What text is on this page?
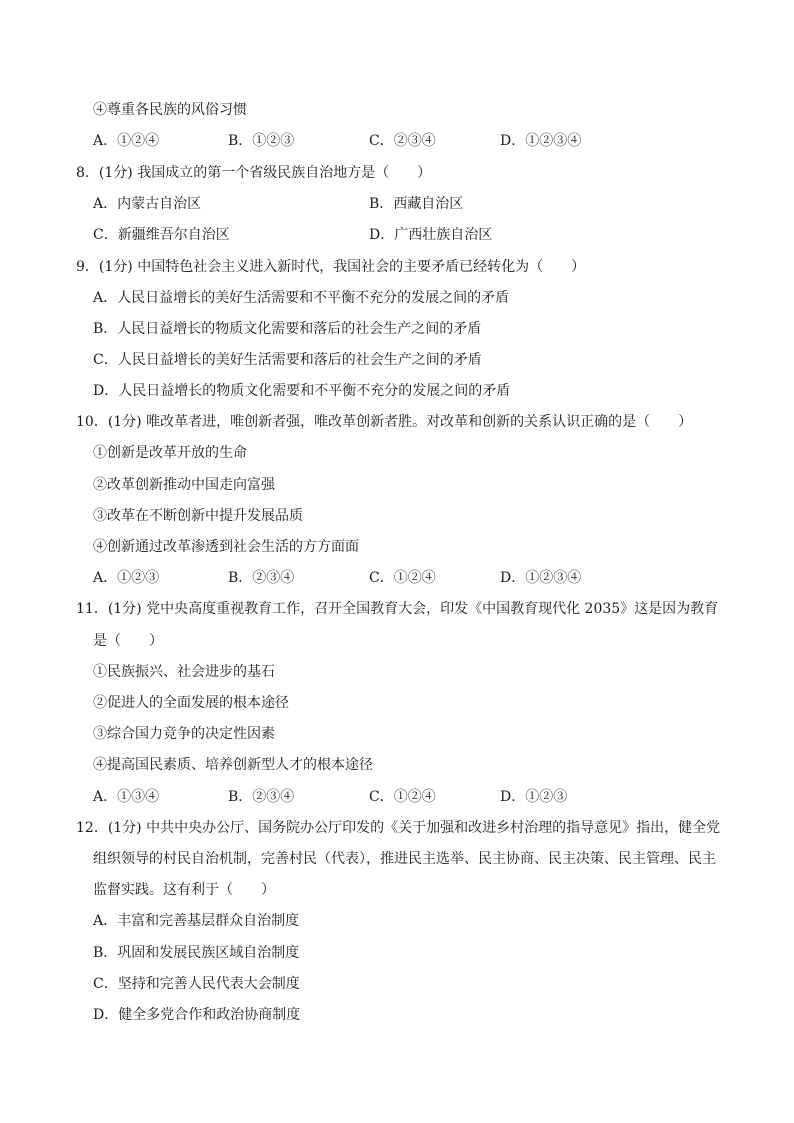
④尊重各民族的风俗习惯
A．①②④	B．①②③	C．②③④	D．①②③④
8．(1分) 我国成立的第一个省级民族自治地方是（　　）
A．内蒙古自治区	B．西藏自治区
C．新疆维吾尔自治区	D．广西壮族自治区
9．(1分) 中国特色社会主义进入新时代，我国社会的主要矛盾已经转化为（　　）
A．人民日益增长的美好生活需要和不平衡不充分的发展之间的矛盾
B．人民日益增长的物质文化需要和落后的社会生产之间的矛盾
C．人民日益增长的美好生活需要和落后的社会生产之间的矛盾
D．人民日益增长的物质文化需要和不平衡不充分的发展之间的矛盾
10．(1分) 唯改革者进，唯创新者强，唯改革创新者胜。对改革和创新的关系认识正确的是（　　）
①创新是改革开放的生命
②改革创新推动中国走向富强
③改革在不断创新中提升发展品质
④创新通过改革渗透到社会生活的方方面面
A．①②③	B．②③④	C．①②④	D．①②③④
11．(1分) 党中央高度重视教育工作，召开全国教育大会，印发《中国教育现代化 2035》这是因为教育
是（　　）
①民族振兴、社会进步的基石
②促进人的全面发展的根本途径
③综合国力竞争的决定性因素
④提高国民素质、培养创新型人才的根本途径
A．①③④	B．②③④	C．①②④	D．①②③
12．(1分) 中共中央办公厅、国务院办公厅印发的《关于加强和改进乡村治理的指导意见》指出，健全党
组织领导的村民自治机制，完善村民（代表），推进民主选举、民主协商、民主决策、民主管理、民主
监督实践。这有利于（　　）
A．丰富和完善基层群众自治制度
B．巩固和发展民族区域自治制度
C．坚持和完善人民代表大会制度
D．健全多党合作和政治协商制度
